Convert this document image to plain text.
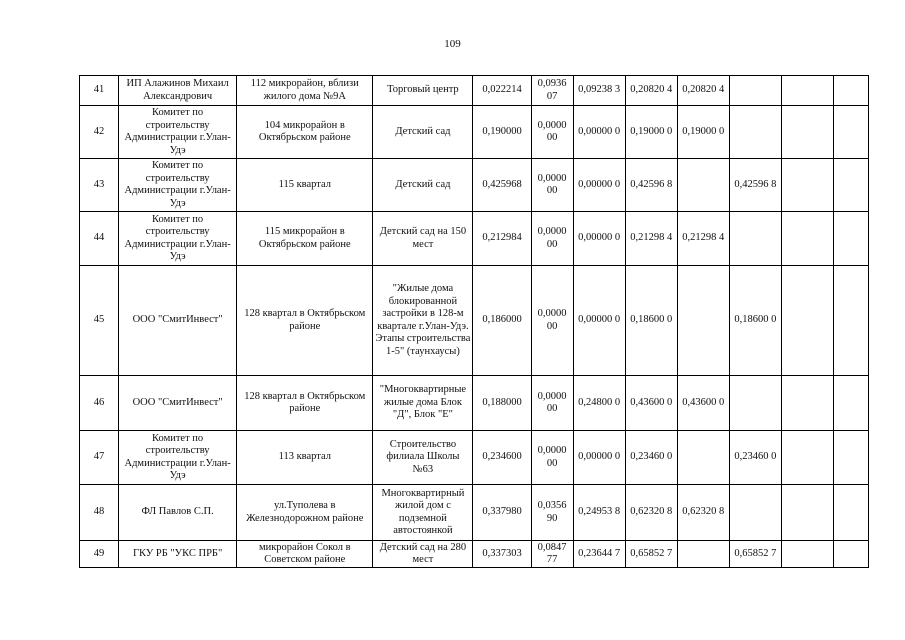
109
41	ИП Алажинов Михаил Александрович	112 микрорайон, вблизи жилого дома №9А	Торговый центр	0,022214	0,0936 07	0,09238 3	0,20820 4	0,20820 4			
42	Комитет по строительству Администрации г.Улан-Удэ	104 микрорайон в Октябрьском районе	Детский сад	0,190000	0,0000 00	0,00000 0	0,19000 0	0,19000 0			
43	Комитет по строительству Администрации г.Улан-Удэ	115 квартал	Детский сад	0,425968	0,0000 00	0,00000 0	0,42596 8		0,42596 8		
44	Комитет по строительству Администрации г.Улан-Удэ	115 микрорайон в Октябрьском районе	Детский сад на 150 мест	0,212984	0,0000 00	0,00000 0	0,21298 4	0,21298 4			
45	ООО "СмитИнвест"	128 квартал в Октябрьском районе	"Жилые дома блокированной застройки в 128-м квартале г.Улан-Удэ. Этапы строительства 1-5" (таунхаусы)	0,186000	0,0000 00	0,00000 0	0,18600 0		0,18600 0		
46	ООО "СмитИнвест"	128 квартал в Октябрьском районе	"Многоквартирные жилые дома Блок "Д", Блок "Е"	0,188000	0,0000 00	0,24800 0	0,43600 0	0,43600 0			
47	Комитет по строительству Администрации г.Улан-Удэ	113 квартал	Строительство филиала Школы №63	0,234600	0,0000 00	0,00000 0	0,23460 0		0,23460 0		
48	ФЛ Павлов С.П.	ул.Туполева в Железнодорожном районе	Многоквартирный жилой дом с подземной автостоянкой	0,337980	0,0356 90	0,24953 8	0,62320 8	0,62320 8			
49	ГКУ РБ "УКС ПРБ"	микрорайон Сокол в Советском районе	Детский сад на 280 мест	0,337303	0,0847 77	0,23644 7	0,65852 7		0,65852 7		
